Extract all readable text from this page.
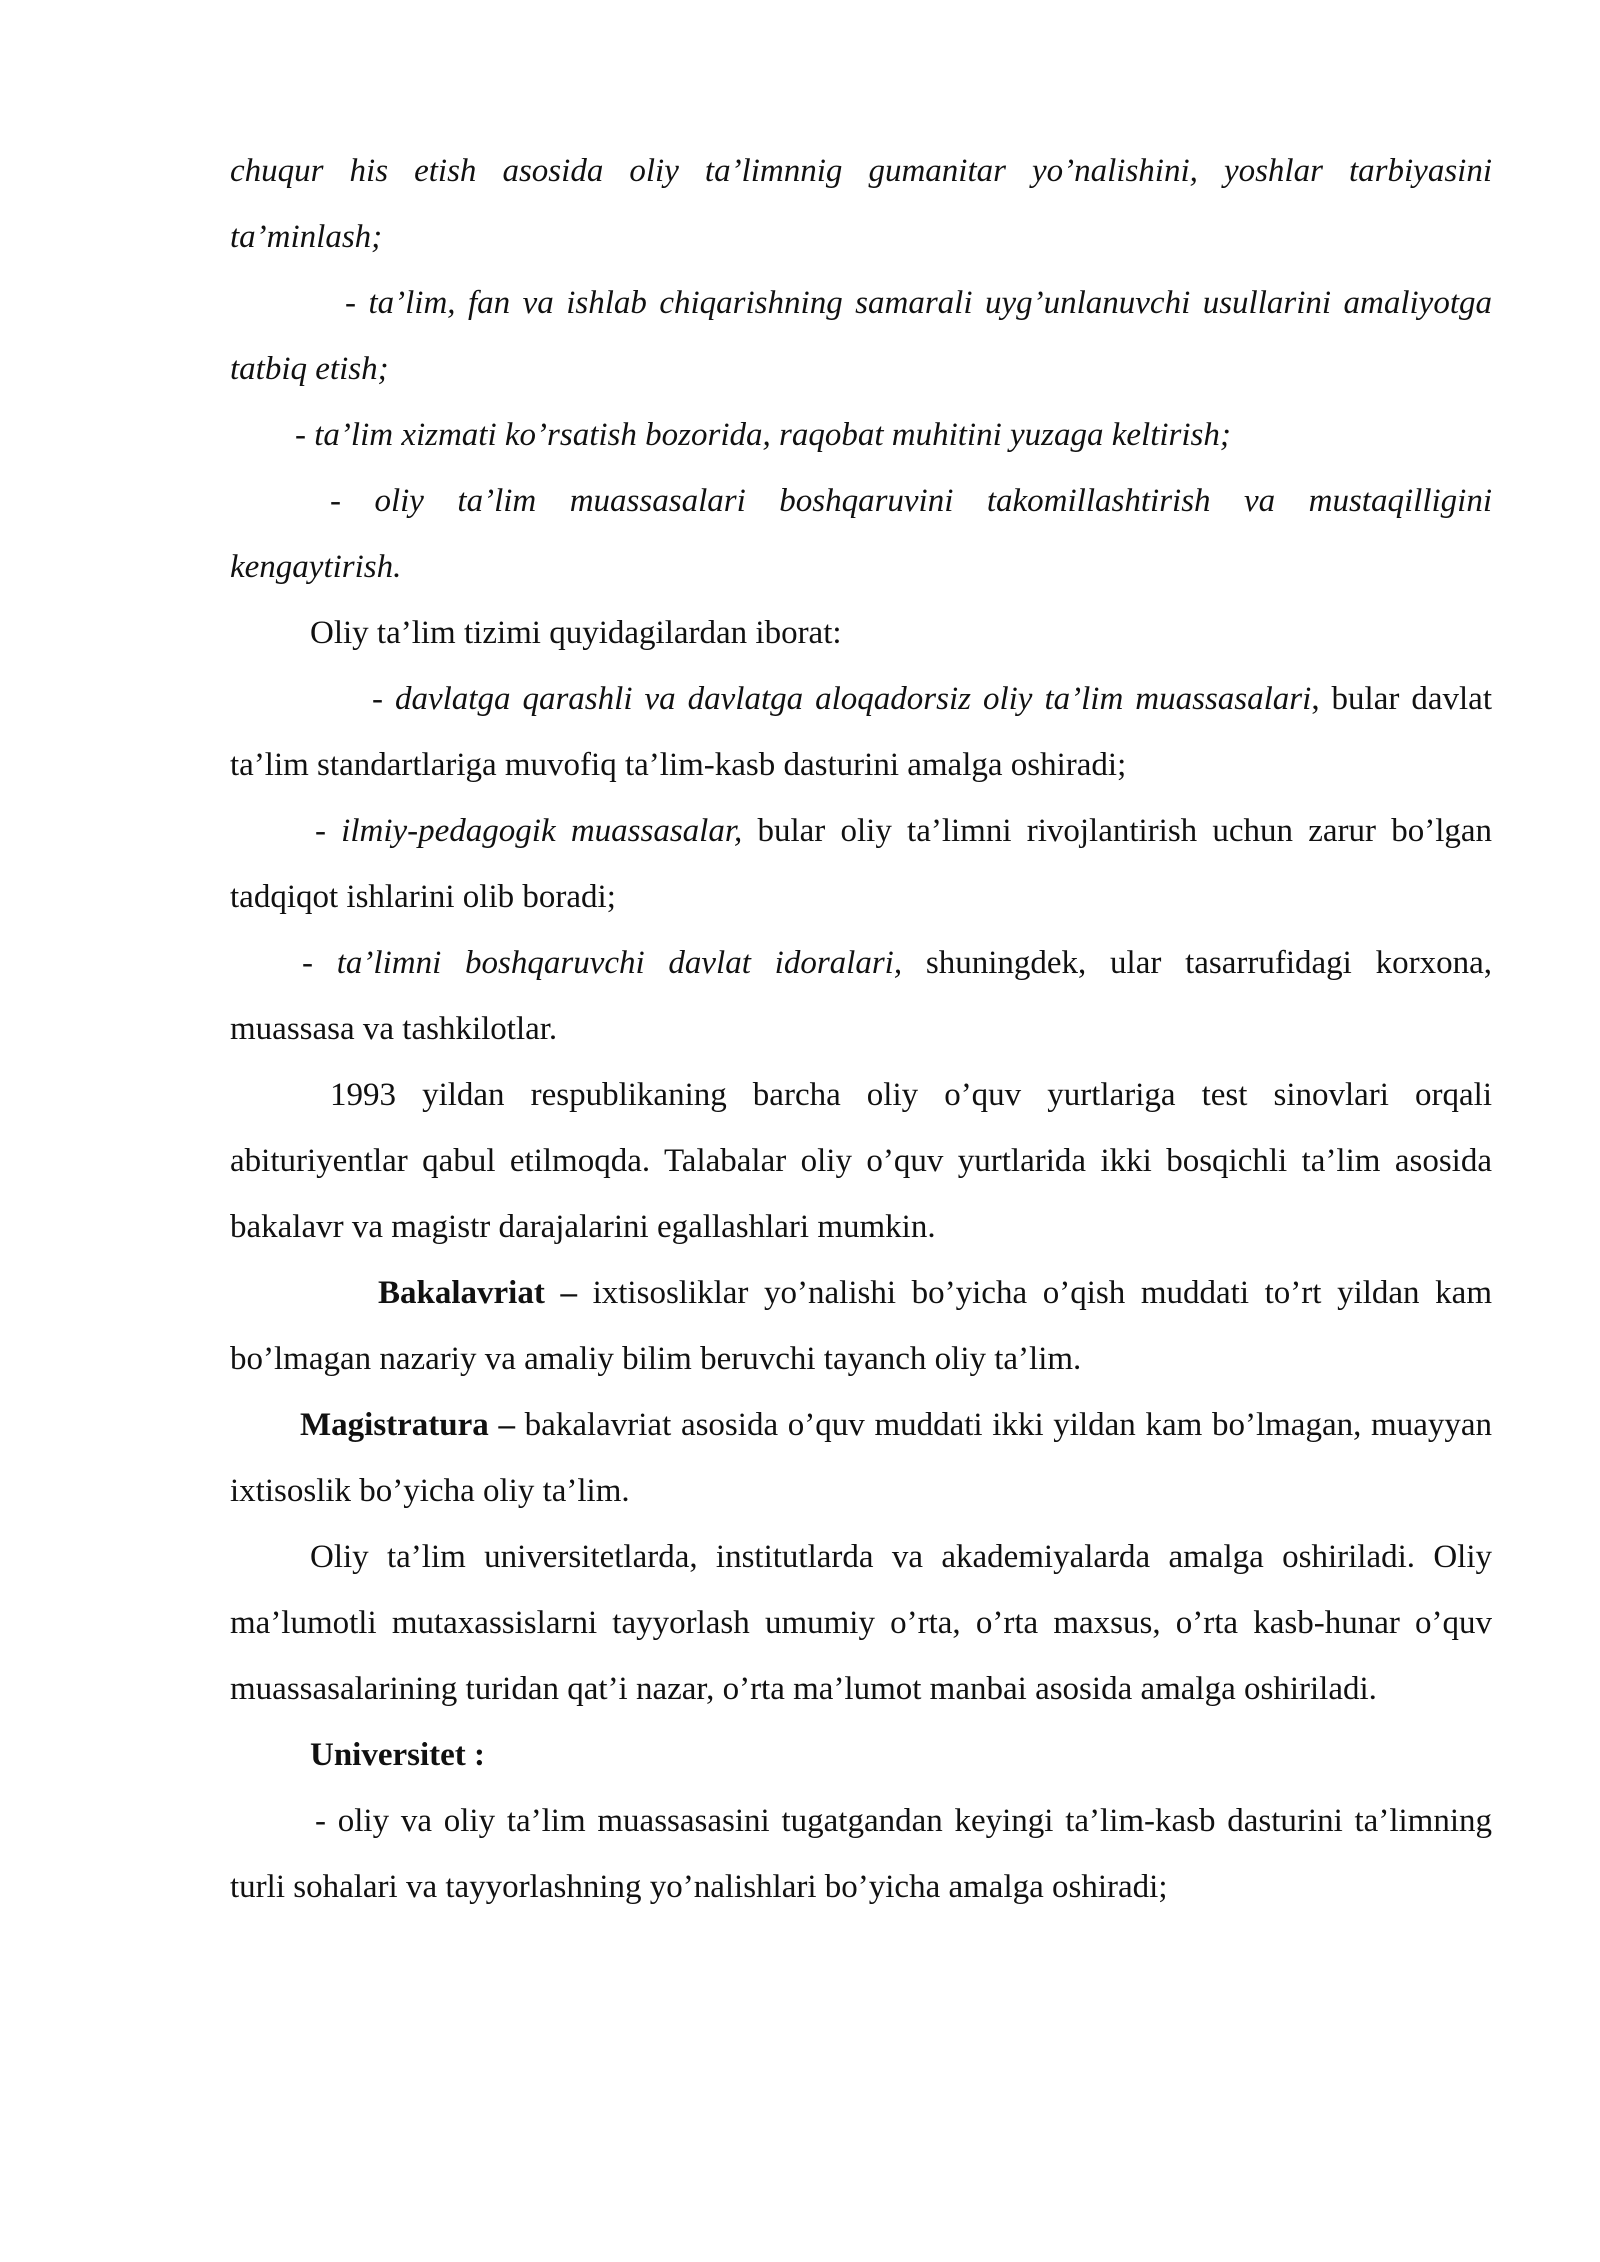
chuqur his etish asosida oliy ta’limnnig gumanitar yo’nalishini, yoshlar tarbiyasini ta’minlash;

- ta’lim, fan va ishlab chiqarishning samarali uyg’unlanuvchi usullarini amaliyotga tatbiq etish;

- ta’lim xizmati ko’rsatish bozorida, raqobat muhitini yuzaga keltirish;

- oliy ta’lim muassasalari boshqaruvini takomillashtirish va mustaqilligini kengaytirish.

Oliy ta’lim tizimi quyidagilardan iborat:

- davlatga qarashli va davlatga aloqadorsiz oliy ta’lim muassasalari, bular davlat ta’lim standartlariga muvofiq ta’lim-kasb dasturini amalga oshiradi;

- ilmiy-pedagogik muassasalar, bular oliy ta’limni rivojlantirish uchun zarur bo’lgan tadqiqot ishlarini olib boradi;

- ta’limni boshqaruvchi davlat idoralari, shuningdek, ular tasarrufidagi korxona, muassasa va tashkilotlar.

1993 yildan respublikaning barcha oliy o’quv yurtlariga test sinovlari orqali abituriyentlar qabul etilmoqda. Talabalar oliy o’quv yurtlarida ikki bosqichli ta’lim asosida bakalavr va magistr darajalarini egallashlari mumkin.

Bakalavriat – ixtisosliklar yo’nalishi bo’yicha o’qish muddati to’rt yildan kam bo’lmagan nazariy va amaliy bilim beruvchi tayanch oliy ta’lim.

Magistratura – bakalavriat asosida o’quv muddati ikki yildan kam bo’lmagan, muayyan ixtisoslik bo’yicha oliy ta’lim.

Oliy ta’lim universitetlarda, institutlarda va akademiyalarda amalga oshiriladi. Oliy ma’lumotli mutaxassislarni tayyorlash umumiy o’rta, o’rta maxsus, o’rta kasb-hunar o’quv muassasalarining turidan qat’i nazar, o’rta ma’lumot manbai asosida amalga oshiriladi.

Universitet :

- oliy va oliy ta’lim muassasasini tugatgandan keyingi ta’lim-kasb dasturini ta’limning turli sohalari va tayyorlashning yo’nalishlari bo’yicha amalga oshiradi;
